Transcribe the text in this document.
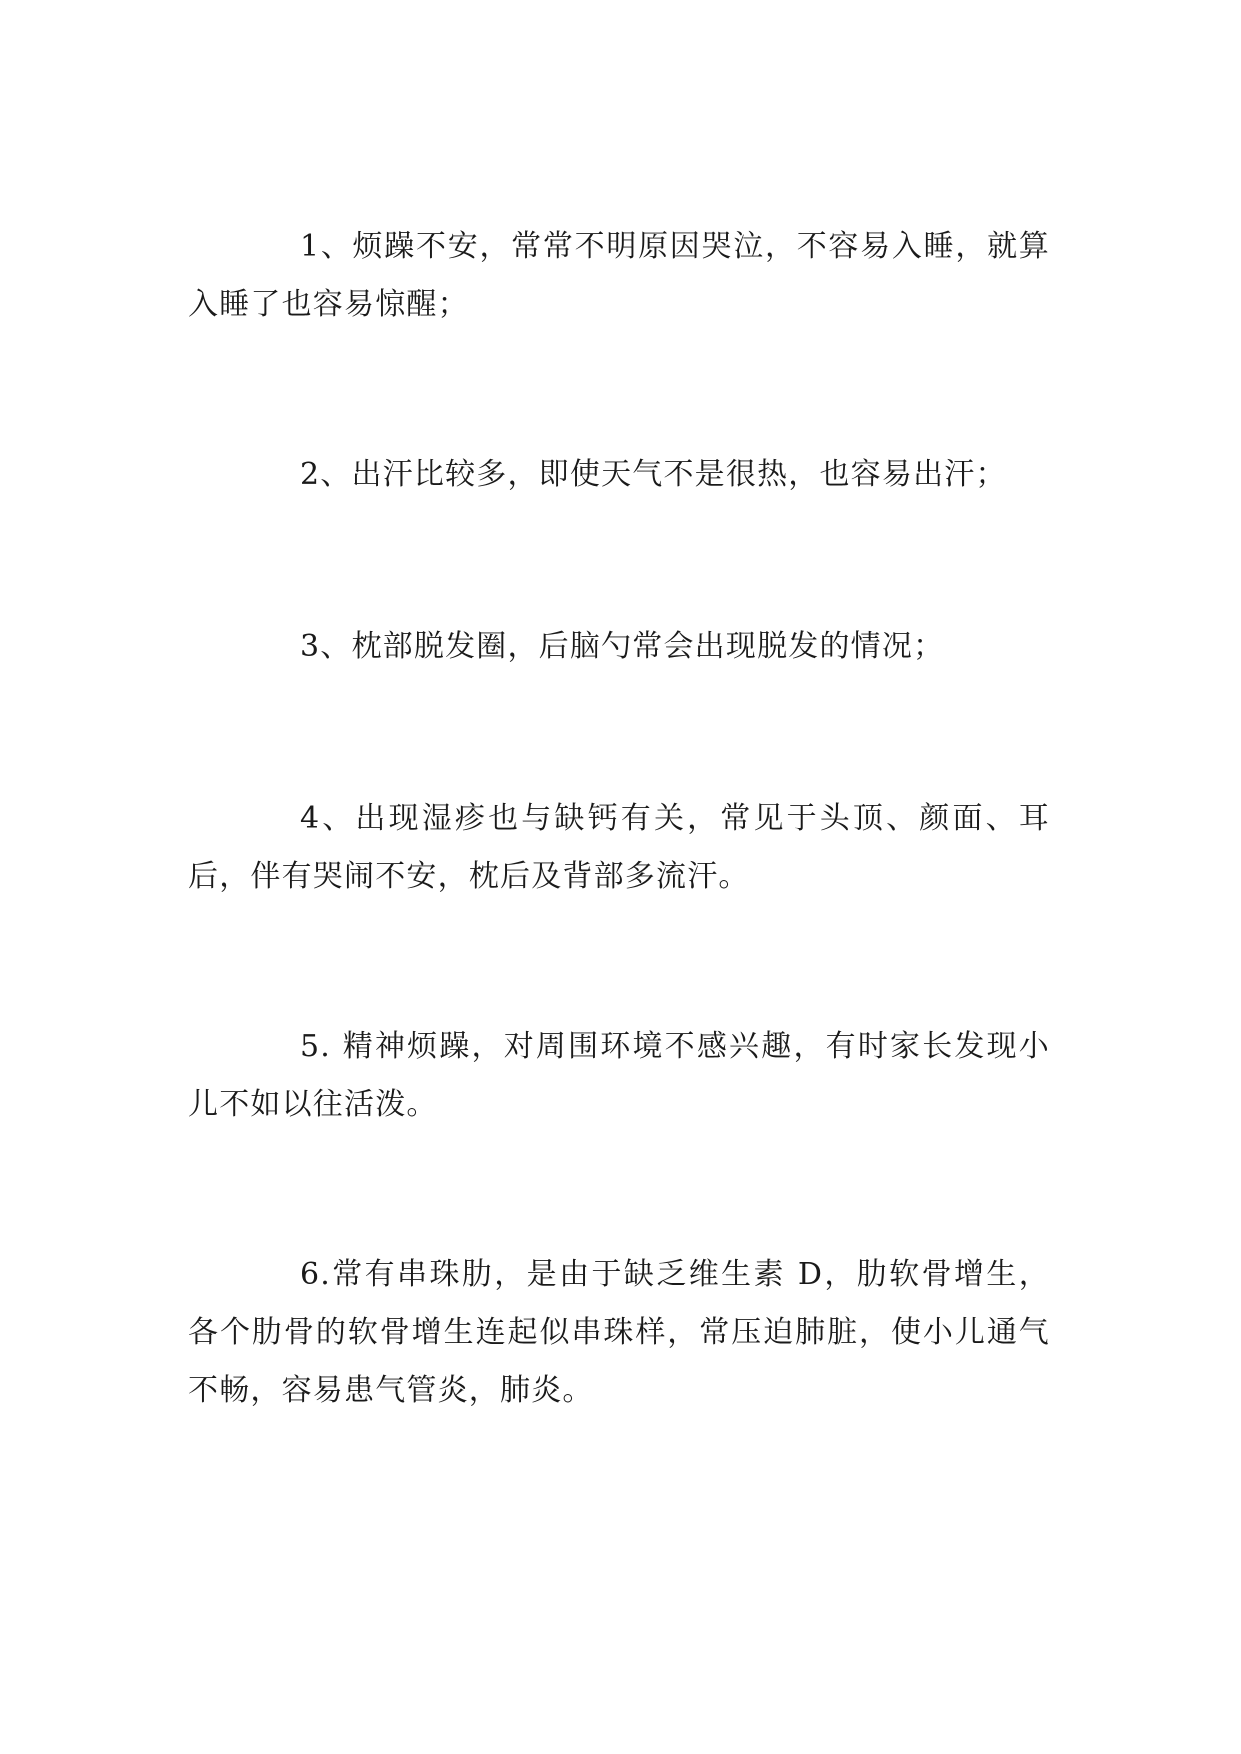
1、烦躁不安，常常不明原因哭泣，不容易入睡，就算入睡了也容易惊醒；

2、出汗比较多，即使天气不是很热，也容易出汗；

3、枕部脱发圈，后脑勺常会出现脱发的情况；

4、出现湿疹也与缺钙有关，常见于头顶、颜面、耳后，伴有哭闹不安，枕后及背部多流汗。

5. 精神烦躁，对周围环境不感兴趣，有时家长发现小儿不如以往活泼。

6.常有串珠肋，是由于缺乏维生素 D，肋软骨增生，各个肋骨的软骨增生连起似串珠样，常压迫肺脏，使小儿通气不畅，容易患气管炎，肺炎。
